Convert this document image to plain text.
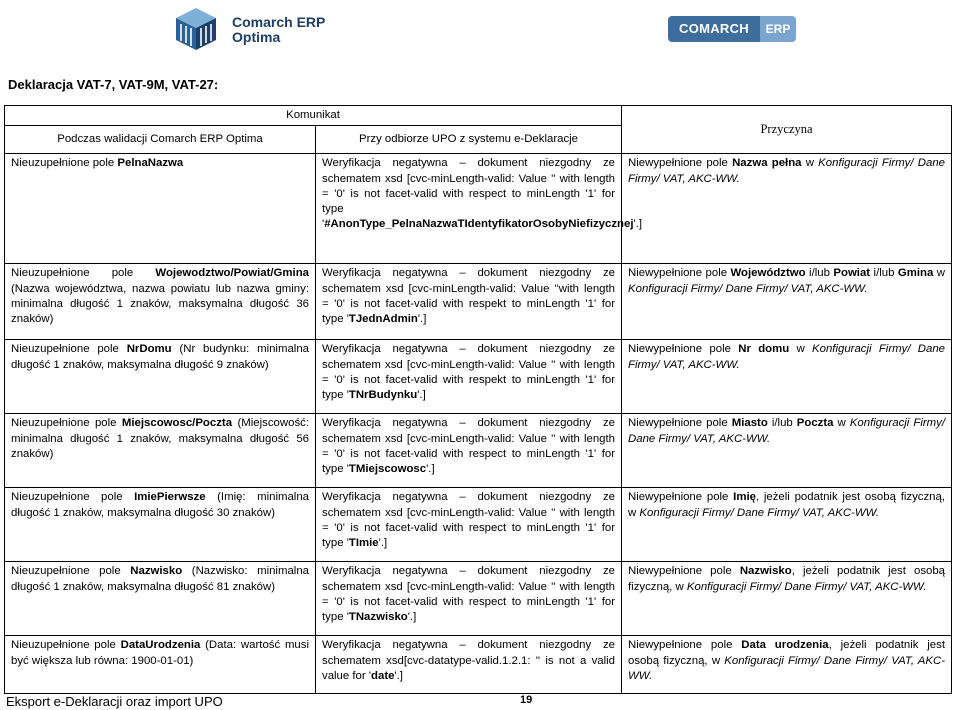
Comarch ERP
Optima
COMARCH	ERP
Deklaracja VAT-7, VAT-9M, VAT-27:
Komunikat		Przyczyna
Podczas walidacji Comarch ERP Optima	Przy odbiorze UPO z systemu e-Deklaracje	
Nieuzupełnione pole PelnaNazwa	Weryfikacja negatywna – dokument niezgodny ze schematem xsd [cvc-minLength-valid: Value '' with length = '0' is not facet-valid with respect to minLength '1' for type '#AnonType_PelnaNazwaTIdentyfikatorOsobyNiefizycznej'.]	Niewypełnione pole Nazwa pełna w Konfiguracji Firmy/ Dane Firmy/ VAT, AKC-WW.
Nieuzupełnione pole Wojewodztwo/Powiat/Gmina (Nazwa województwa, nazwa powiatu lub nazwa gminy: minimalna długość 1 znaków, maksymalna długość 36 znaków)	Weryfikacja negatywna – dokument niezgodny ze schematem xsd [cvc-minLength-valid: Value ''with length = '0' is not facet-valid with respekt to minLength '1' for type 'TJednAdmin'.]	Niewypełnione pole Województwo i/lub Powiat i/lub Gmina w Konfiguracji Firmy/ Dane Firmy/ VAT, AKC-WW.
Nieuzupełnione pole NrDomu (Nr budynku: minimalna długość 1 znaków, maksymalna długość 9 znaków)	Weryfikacja negatywna – dokument niezgodny ze schematem xsd [cvc-minLength-valid: Value '' with length = '0' is not facet-valid with respekt to minLength '1' for type 'TNrBudynku'.]	Niewypełnione pole Nr domu w Konfiguracji Firmy/ Dane Firmy/ VAT, AKC-WW.
Nieuzupełnione pole Miejscowosc/Poczta (Miejscowość: minimalna długość 1 znaków, maksymalna długość 56 znaków)	Weryfikacja negatywna – dokument niezgodny ze schematem xsd [cvc-minLength-valid: Value '' with length = '0' is not facet-valid with respect to minLength '1' for type 'TMiejscowosc'.]	Niewypełnione pole Miasto i/lub Poczta w Konfiguracji Firmy/ Dane Firmy/ VAT, AKC-WW.
Nieuzupełnione pole ImiePierwsze (Imię: minimalna długość 1 znaków, maksymalna długość 30 znaków)	Weryfikacja negatywna – dokument niezgodny ze schematem xsd [cvc-minLength-valid: Value '' with length = '0' is not facet-valid with respect to minLength '1' for type 'TImie'.]	Niewypełnione pole Imię, jeżeli podatnik jest osobą fizyczną, w Konfiguracji Firmy/ Dane Firmy/ VAT, AKC-WW.
Nieuzupełnione pole Nazwisko (Nazwisko: minimalna długość 1 znaków, maksymalna długość 81 znaków)	Weryfikacja negatywna – dokument niezgodny ze schematem xsd [cvc-minLength-valid: Value '' with length = '0' is not facet-valid with respect to minLength '1' for type 'TNazwisko'.]	Niewypełnione pole Nazwisko, jeżeli podatnik jest osobą fizyczną, w Konfiguracji Firmy/ Dane Firmy/ VAT, AKC-WW.
Nieuzupełnione pole DataUrodzenia (Data: wartość musi być większa lub równa: 1900-01-01)	Weryfikacja negatywna – dokument niezgodny ze schematem xsd[cvc-datatype-valid.1.2.1: '' is not a valid value for 'date'.]	Niewypełnione pole Data urodzenia, jeżeli podatnik jest osobą fizyczną, w Konfiguracji Firmy/ Dane Firmy/ VAT, AKC- WW.
Eksport e-Deklaracji oraz import UPO	19
